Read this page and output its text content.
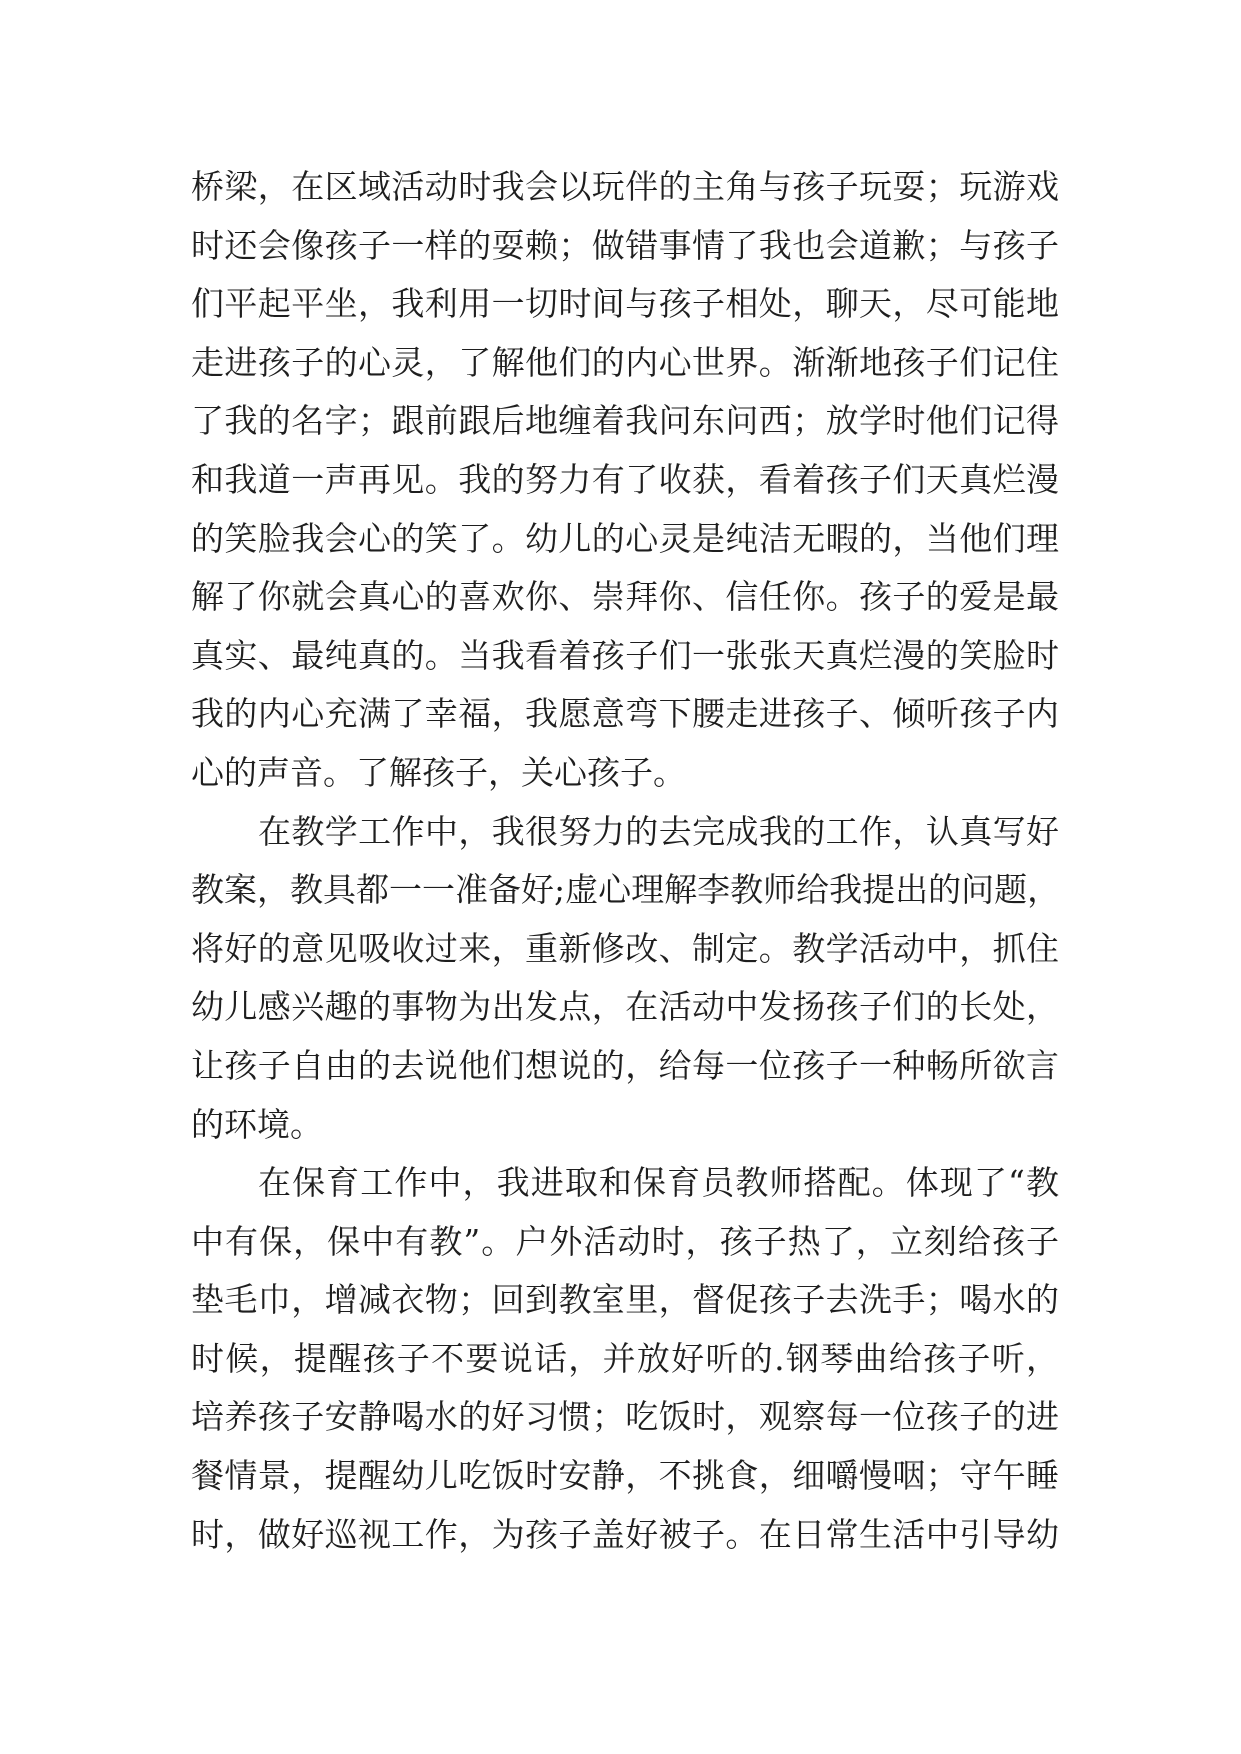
桥梁，在区域活动时我会以玩伴的主角与孩子玩耍；玩游戏
时还会像孩子一样的耍赖；做错事情了我也会道歉；与孩子
们平起平坐，我利用一切时间与孩子相处，聊天，尽可能地
走进孩子的心灵，了解他们的内心世界。渐渐地孩子们记住
了我的名字；跟前跟后地缠着我问东问西；放学时他们记得
和我道一声再见。我的努力有了收获，看着孩子们天真烂漫
的笑脸我会心的笑了。幼儿的心灵是纯洁无暇的，当他们理
解了你就会真心的喜欢你、崇拜你、信任你。孩子的爱是最
真实、最纯真的。当我看着孩子们一张张天真烂漫的笑脸时
我的内心充满了幸福，我愿意弯下腰走进孩子、倾听孩子内
心的声音。了解孩子，关心孩子。
在教学工作中，我很努力的去完成我的工作，认真写好
教案，教具都一一准备好;虚心理解李教师给我提出的问题，
将好的意见吸收过来，重新修改、制定。教学活动中，抓住
幼儿感兴趣的事物为出发点，在活动中发扬孩子们的长处，
让孩子自由的去说他们想说的，给每一位孩子一种畅所欲言
的环境。
在保育工作中，我进取和保育员教师搭配。体现了“教
中有保，保中有教”。户外活动时，孩子热了，立刻给孩子
垫毛巾，增减衣物；回到教室里，督促孩子去洗手；喝水的
时候，提醒孩子不要说话，并放好听的.钢琴曲给孩子听，
培养孩子安静喝水的好习惯；吃饭时，观察每一位孩子的进
餐情景，提醒幼儿吃饭时安静，不挑食，细嚼慢咽；守午睡
时，做好巡视工作，为孩子盖好被子。在日常生活中引导幼
